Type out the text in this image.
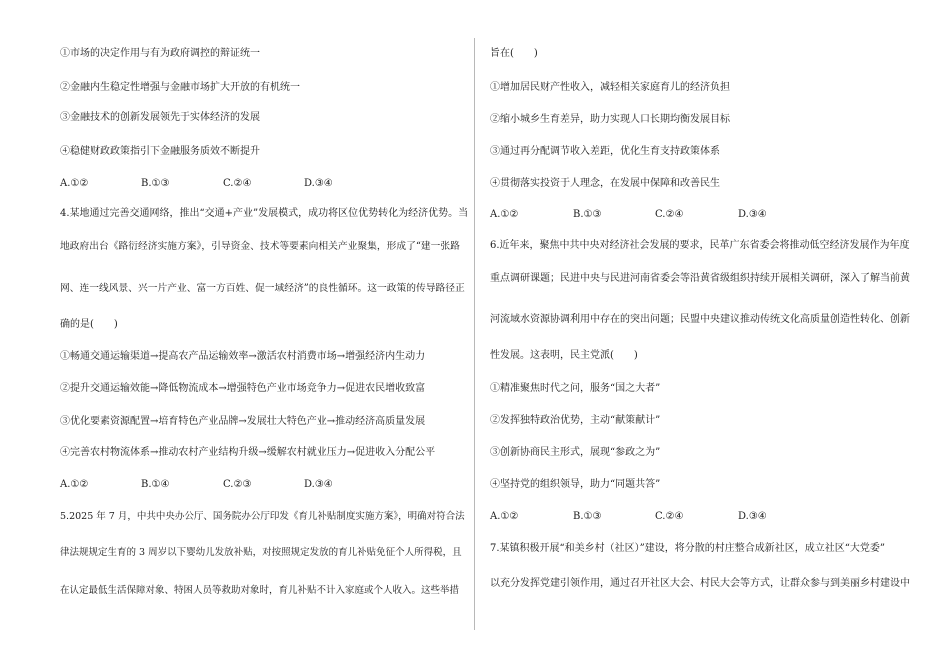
①市场的决定作用与有为政府调控的辩证统一
②金融内生稳定性增强与金融市场扩大开放的有机统一
③金融技术的创新发展领先于实体经济的发展
④稳健财政政策指引下金融服务质效不断提升
A.①②	B.①③	C.②④	D.③④
4.某地通过完善交通网络，推出“交通+产业”发展模式，成功将区位优势转化为经济优势。当
地政府出台《路衍经济实施方案》，引导资金、技术等要素向相关产业聚集，形成了“建一张路
网、连一线风景、兴一片产业、富一方百姓、促一域经济”的良性循环。这一政策的传导路径正
确的是(　　)
①畅通交通运输渠道→提高农产品运输效率→激活农村消费市场→增强经济内生动力
②提升交通运输效能→降低物流成本→增强特色产业市场竞争力→促进农民增收致富
③优化要素资源配置→培育特色产业品牌→发展壮大特色产业→推动经济高质量发展
④完善农村物流体系→推动农村产业结构升级→缓解农村就业压力→促进收入分配公平
A.①②	B.①④	C.②③	D.③④
5.2025 年 7 月，中共中央办公厅、国务院办公厅印发《育儿补贴制度实施方案》，明确对符合法
律法规规定生育的 3 周岁以下婴幼儿发放补贴，对按照规定发放的育儿补贴免征个人所得税，且
在认定最低生活保障对象、特困人员等救助对象时，育儿补贴不计入家庭或个人收入。这些举措
旨在(　　)
①增加居民财产性收入，减轻相关家庭育儿的经济负担
②缩小城乡生育差异，助力实现人口长期均衡发展目标
③通过再分配调节收入差距，优化生育支持政策体系
④贯彻落实投资于人理念，在发展中保障和改善民生
A.①②	B.①③	C.②④	D.③④
6.近年来，聚焦中共中央对经济社会发展的要求，民革广东省委会将推动低空经济发展作为年度
重点调研课题；民进中央与民进河南省委会等沿黄省级组织持续开展相关调研，深入了解当前黄
河流域水资源协调利用中存在的突出问题；民盟中央建议推动传统文化高质量创造性转化、创新
性发展。这表明，民主党派(　　)
①精准聚焦时代之问，服务“国之大者”
②发挥独特政治优势，主动“献策献计”
③创新协商民主形式，展现“参政之为”
④坚持党的组织领导，助力“同题共答”
A.①②	B.①③	C.②④	D.③④
7.某镇积极开展“和美乡村（社区）”建设，将分散的村庄整合成新社区，成立社区“大党委”
以充分发挥党建引领作用，通过召开社区大会、村民大会等方式，让群众参与到美丽乡村建设中
